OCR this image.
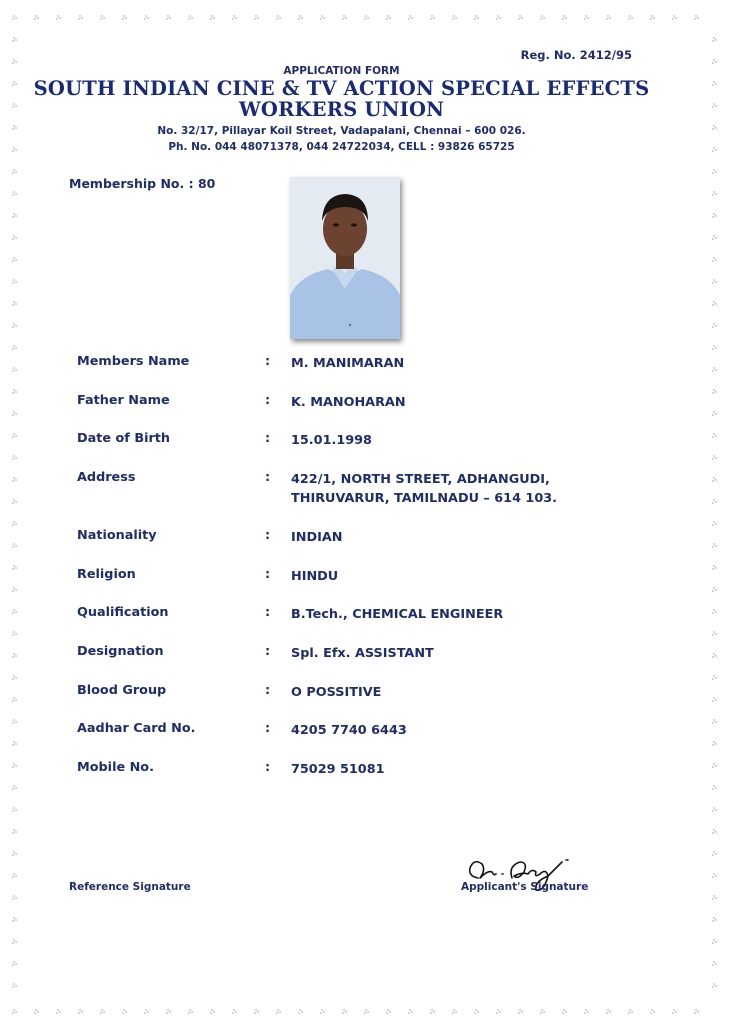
Reg. No. 2412/95
APPLICATION FORM
SOUTH INDIAN CINE & TV ACTION SPECIAL EFFECTS
WORKERS UNION
No. 32/17, Pillayar Koil Street, Vadapalani, Chennai – 600 026.
Ph. No. 044 48071378, 044 24722034, CELL : 93826 65725
Membership No. : 80
Members Name	: M. MANIMARAN
Father Name	: K. MANOHARAN
Date of Birth	: 15.01.1998
Address	: 422/1, NORTH STREET, ADHANGUDI,
THIRUVARUR, TAMILNADU – 614 103.
Nationality	: INDIAN
Religion	: HINDU
Qualification	: B.Tech., CHEMICAL ENGINEER
Designation	: Spl. Efx. ASSISTANT
Blood Group	: O POSSITIVE
Aadhar Card No.	: 4205 7740 6443
Mobile No.	: 75029 51081
Reference Signature	Applicant's Signature
